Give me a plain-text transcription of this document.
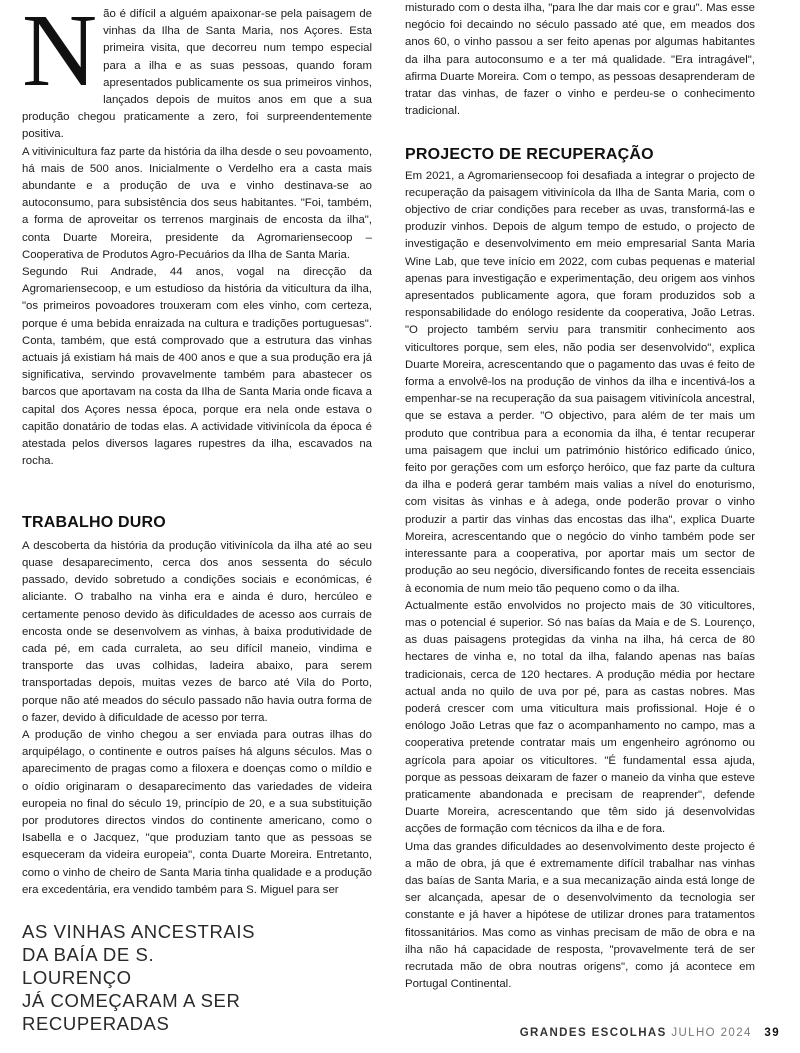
Não é difícil a alguém apaixonar-se pela paisagem de vinhas da Ilha de Santa Maria, nos Açores. Esta primeira visita, que decorreu num tempo especial para a ilha e as suas pessoas, quando foram apresentados publicamente os sua primeiros vinhos, lançados depois de muitos anos em que a sua produção chegou praticamente a zero, foi surpreendentemente positiva.

A vitivinicultura faz parte da história da ilha desde o seu povoamento, há mais de 500 anos. Inicialmente o Verdelho era a casta mais abundante e a produção de uva e vinho destinava-se ao autoconsumo, para subsistência dos seus habitantes. "Foi, também, a forma de aproveitar os terrenos marginais de encosta da ilha", conta Duarte Moreira, presidente da Agromariensecoop – Cooperativa de Produtos Agro-Pecuários da Ilha de Santa Maria.

Segundo Rui Andrade, 44 anos, vogal na direcção da Agromariensecoop, e um estudioso da história da viticultura da ilha, "os primeiros povoadores trouxeram com eles vinho, com certeza, porque é uma bebida enraizada na cultura e tradições portuguesas". Conta, também, que está comprovado que a estrutura das vinhas actuais já existiam há mais de 400 anos e que a sua produção era já significativa, servindo provavelmente também para abastecer os barcos que aportavam na costa da Ilha de Santa Maria onde ficava a capital dos Açores nessa época, porque era nela onde estava o capitão donatário de todas elas. A actividade vitivinícola da época é atestada pelos diversos lagares rupestres da ilha, escavados na rocha.

TRABALHO DURO

A descoberta da história da produção vitivinícola da ilha até ao seu quase desaparecimento, cerca dos anos sessenta do século passado, devido sobretudo a condições sociais e económicas, é aliciante. O trabalho na vinha era e ainda é duro, hercúleo e certamente penoso devido às dificuldades de acesso aos currais de encosta onde se desenvolvem as vinhas, à baixa produtividade de cada pé, em cada curraleta, ao seu difícil maneio, vindima e transporte das uvas colhidas, ladeira abaixo, para serem transportadas depois, muitas vezes de barco até Vila do Porto, porque não até meados do século passado não havia outra forma de o fazer, devido à dificuldade de acesso por terra.

A produção de vinho chegou a ser enviada para outras ilhas do arquipélago, o continente e outros países há alguns séculos. Mas o aparecimento de pragas como a filoxera e doenças como o míldio e o oídio originaram o desaparecimento das variedades de videira europeia no final do século 19, princípio de 20, e a sua substituição por produtores directos vindos do continente americano, como o Isabella e o Jacquez, "que produziam tanto que as pessoas se esqueceram da videira europeia", conta Duarte Moreira. Entretanto, como o vinho de cheiro de Santa Maria tinha qualidade e a produção era excedentária, era vendido também para S. Miguel para ser

AS VINHAS ANCESTRAIS
DA BAÍA DE S. LOURENÇO
JÁ COMEÇARAM A SER
RECUPERADAS

misturado com o desta ilha, "para lhe dar mais cor e grau". Mas esse negócio foi decaindo no século passado até que, em meados dos anos 60, o vinho passou a ser feito apenas por algumas habitantes da ilha para autoconsumo e a ter má qualidade. "Era intragável", afirma Duarte Moreira. Com o tempo, as pessoas desaprenderam de tratar das vinhas, de fazer o vinho e perdeu-se o conhecimento tradicional.

PROJECTO DE RECUPERAÇÃO

Em 2021, a Agromariensecoop foi desafiada a integrar o projecto de recuperação da paisagem vitivinícola da Ilha de Santa Maria, com o objectivo de criar condições para receber as uvas, transformá-las e produzir vinhos. Depois de algum tempo de estudo, o projecto de investigação e desenvolvimento em meio empresarial Santa Maria Wine Lab, que teve início em 2022, com cubas pequenas e material apenas para investigação e experimentação, deu origem aos vinhos apresentados publicamente agora, que foram produzidos sob a responsabilidade do enólogo residente da cooperativa, João Letras. "O projecto também serviu para transmitir conhecimento aos viticultores porque, sem eles, não podia ser desenvolvido", explica Duarte Moreira, acrescentando que o pagamento das uvas é feito de forma a envolvê-los na produção de vinhos da ilha e incentivá-los a empenhar-se na recuperação da sua paisagem vitivinícola ancestral, que se estava a perder. "O objectivo, para além de ter mais um produto que contribua para a economia da ilha, é tentar recuperar uma paisagem que inclui um património histórico edificado único, feito por gerações com um esforço heróico, que faz parte da cultura da ilha e poderá gerar também mais valias a nível do enoturismo, com visitas às vinhas e à adega, onde poderão provar o vinho produzir a partir das vinhas das encostas das ilha", explica Duarte Moreira, acrescentando que o negócio do vinho também pode ser interessante para a cooperativa, por aportar mais um sector de produção ao seu negócio, diversificando fontes de receita essenciais à economia de num meio tão pequeno como o da ilha.

Actualmente estão envolvidos no projecto mais de 30 viticultores, mas o potencial é superior. Só nas baías da Maia e de S. Lourenço, as duas paisagens protegidas da vinha na ilha, há cerca de 80 hectares de vinha e, no total da ilha, falando apenas nas baías tradicionais, cerca de 120 hectares. A produção média por hectare actual anda no quilo de uva por pé, para as castas nobres. Mas poderá crescer com uma viticultura mais profissional. Hoje é o enólogo João Letras que faz o acompanhamento no campo, mas a cooperativa pretende contratar mais um engenheiro agrónomo ou agrícola para apoiar os viticultores. "É fundamental essa ajuda, porque as pessoas deixaram de fazer o maneio da vinha que esteve praticamente abandonada e precisam de reaprender", defende Duarte Moreira, acrescentando que têm sido já desenvolvidas acções de formação com técnicos da ilha e de fora.

Uma das grandes dificuldades ao desenvolvimento deste projecto é a mão de obra, já que é extremamente difícil trabalhar nas vinhas das baías de Santa Maria, e a sua mecanização ainda está longe de ser alcançada, apesar de o desenvolvimento da tecnologia ser constante e já haver a hipótese de utilizar drones para tratamentos fitossanitários. Mas como as vinhas precisam de mão de obra e na ilha não há capacidade de resposta, "provavelmente terá de ser recrutada mão de obra noutras origens", como já acontece em Portugal Continental.

GRANDES ESCOLHAS JULHO 2024 39
